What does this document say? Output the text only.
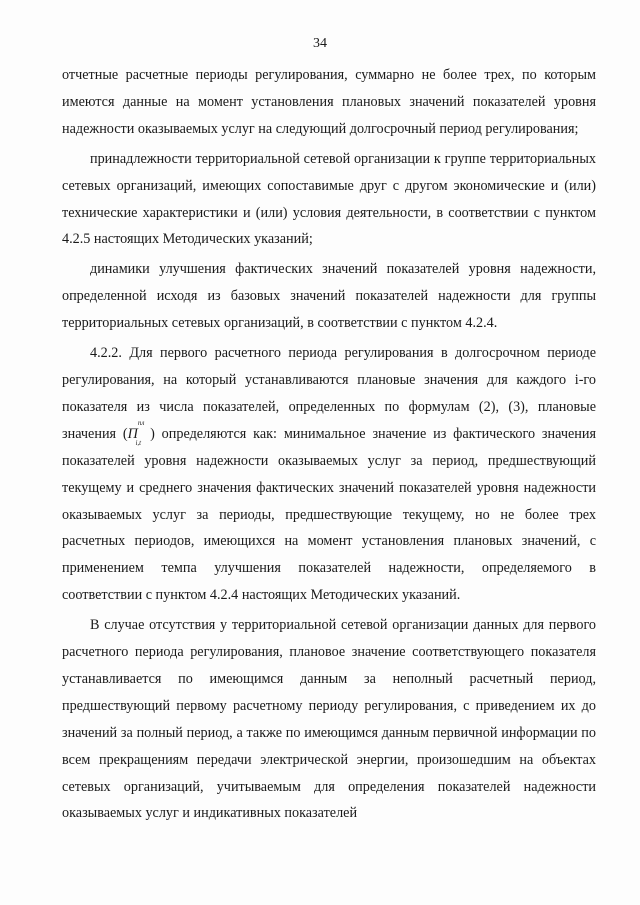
34

отчетные расчетные периоды регулирования, суммарно не более трех, по которым имеются данные на момент установления плановых значений показателей уровня надежности оказываемых услуг на следующий долгосрочный период регулирования;

принадлежности территориальной сетевой организации к группе территориальных сетевых организаций, имеющих сопоставимые друг с другом экономические и (или) технические характеристики и (или) условия деятельности, в соответствии с пунктом 4.2.5 настоящих Методических указаний;

динамики улучшения фактических значений показателей уровня надежности, определенной исходя из базовых значений показателей надежности для группы территориальных сетевых организаций, в соответствии с пунктом 4.2.4.

4.2.2. Для первого расчетного периода регулирования в долгосрочном периоде регулирования, на который устанавливаются плановые значения для каждого i-го показателя из числа показателей, определенных по формулам (2), (3), плановые значения $(П^{пл}_{i,t})$ определяются как: минимальное значение из фактического значения показателей уровня надежности оказываемых услуг за период, предшествующий текущему и среднего значения фактических значений показателей уровня надежности оказываемых услуг за периоды, предшествующие текущему, но не более трех расчетных периодов, имеющихся на момент установления плановых значений, с применением темпа улучшения показателей надежности, определяемого в соответствии с пунктом 4.2.4 настоящих Методических указаний.

В случае отсутствия у территориальной сетевой организации данных для первого расчетного периода регулирования, плановое значение соответствующего показателя устанавливается по имеющимся данным за неполный расчетный период, предшествующий первому расчетному периоду регулирования, с приведением их до значений за полный период, а также по имеющимся данным первичной информации по всем прекращениям передачи электрической энергии, произошедшим на объектах сетевых организаций, учитываемым для определения показателей надежности оказываемых услуг и индикативных показателей
